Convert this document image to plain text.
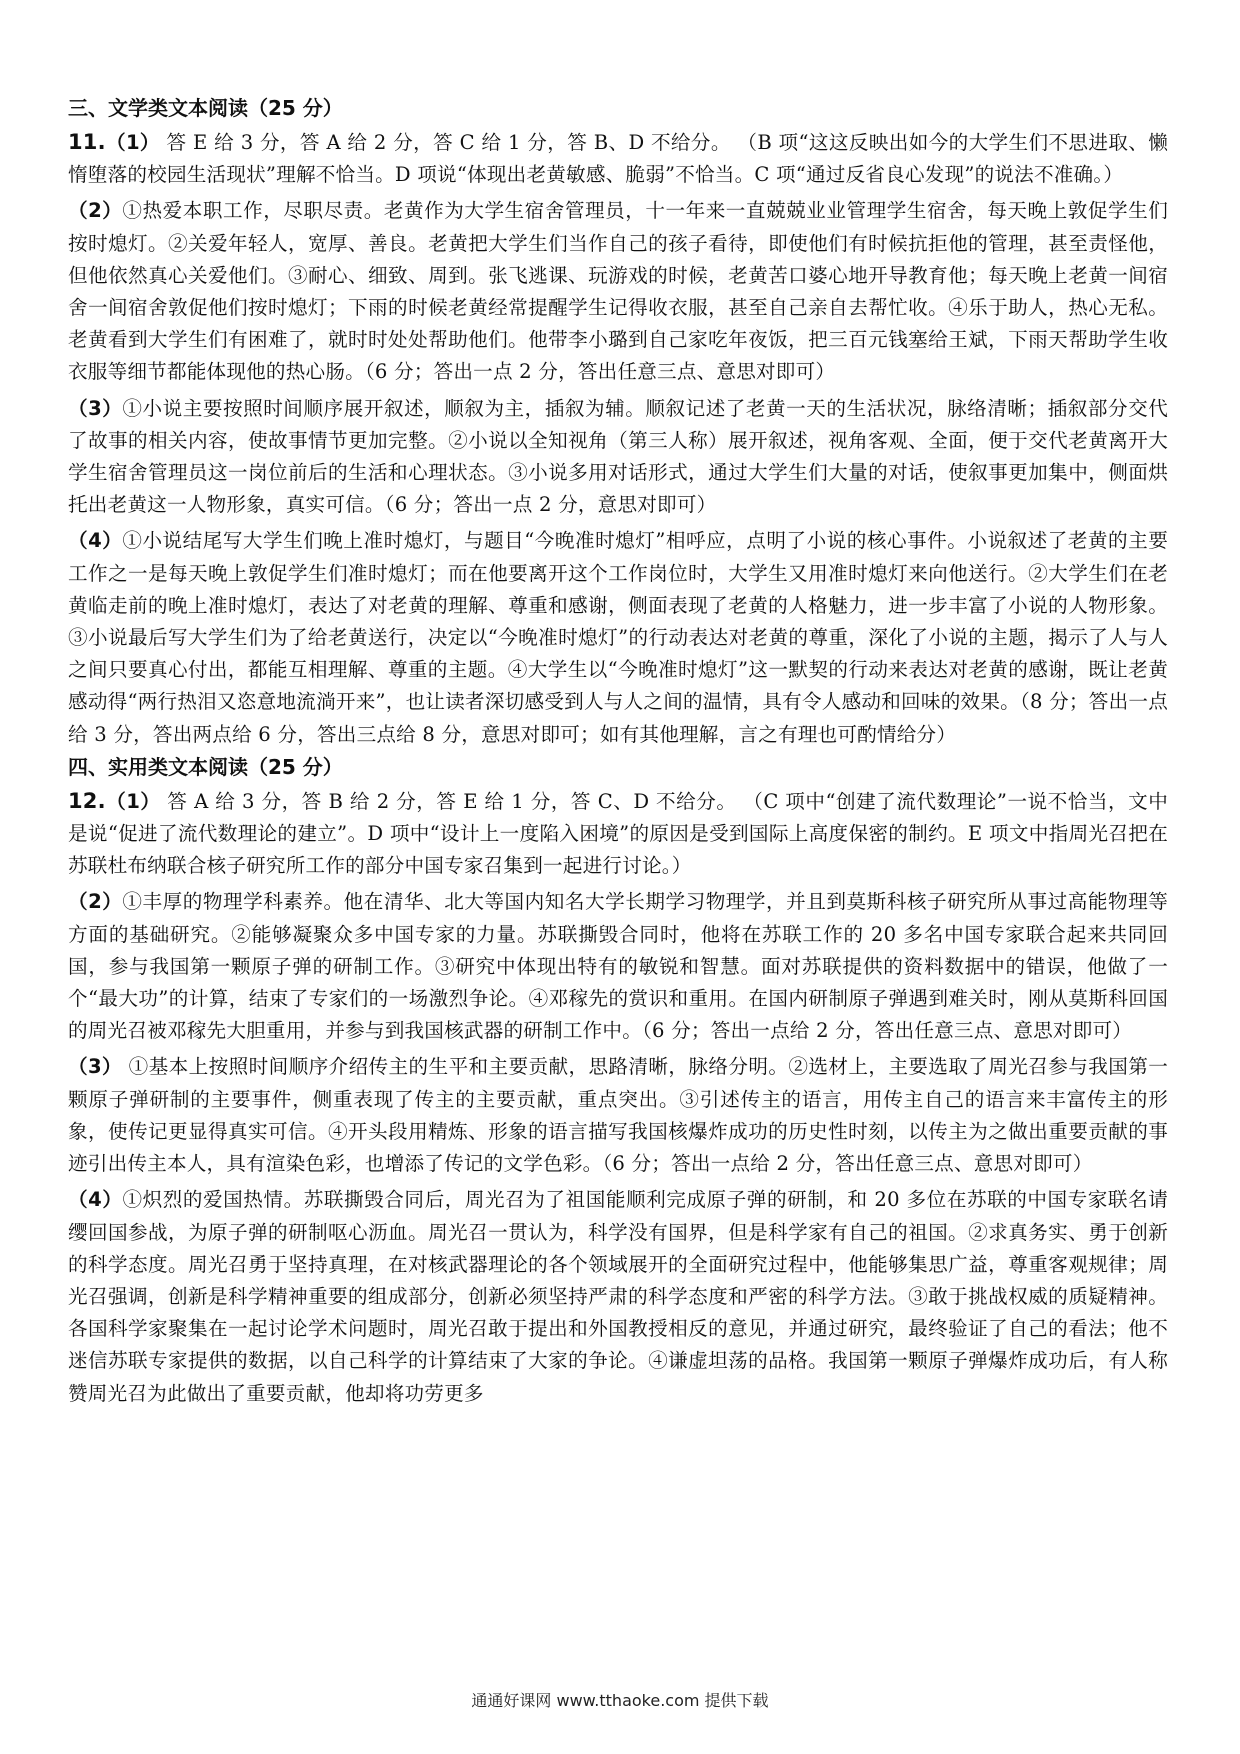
三、文学类文本阅读（25 分）

11.（1） 答 E 给 3 分，答 A 给 2 分，答 C 给 1 分，答 B、D 不给分。 （B 项“这这反映出如今的大学生们不思进取、懒惰堕落的校园生活现状”理解不恰当。D 项说“体现出老黄敏感、脆弱”不恰当。C 项“通过反省良心发现”的说法不准确。）

（2）①热爱本职工作，尽职尽责。老黄作为大学生宿舍管理员，十一年来一直兢兢业业管理学生宿舍，每天晚上敦促学生们按时熄灯。②关爱年轻人，宽厚、善良。老黄把大学生们当作自己的孩子看待，即使他们有时候抗拒他的管理，甚至责怪他，但他依然真心关爱他们。③耐心、细致、周到。张飞逃课、玩游戏的时候，老黄苦口婆心地开导教育他；每天晚上老黄一间宿舍一间宿舍敦促他们按时熄灯；下雨的时候老黄经常提醒学生记得收衣服，甚至自己亲自去帮忙收。④乐于助人，热心无私。老黄看到大学生们有困难了，就时时处处帮助他们。他带李小璐到自己家吃年夜饭，把三百元钱塞给王斌，下雨天帮助学生收衣服等细节都能体现他的热心肠。（6 分；答出一点 2 分，答出任意三点、意思对即可）

（3）①小说主要按照时间顺序展开叙述，顺叙为主，插叙为辅。顺叙记述了老黄一天的生活状况，脉络清晰；插叙部分交代了故事的相关内容，使故事情节更加完整。②小说以全知视角（第三人称）展开叙述，视角客观、全面，便于交代老黄离开大学生宿舍管理员这一岗位前后的生活和心理状态。③小说多用对话形式，通过大学生们大量的对话，使叙事更加集中，侧面烘托出老黄这一人物形象，真实可信。（6 分；答出一点 2 分，意思对即可）

（4）①小说结尾写大学生们晚上准时熄灯，与题目“今晚准时熄灯”相呼应，点明了小说的核心事件。小说叙述了老黄的主要工作之一是每天晚上敦促学生们准时熄灯；而在他要离开这个工作岗位时，大学生又用准时熄灯来向他送行。②大学生们在老黄临走前的晚上准时熄灯，表达了对老黄的理解、尊重和感谢，侧面表现了老黄的人格魅力，进一步丰富了小说的人物形象。③小说最后写大学生们为了给老黄送行，决定以“今晚准时熄灯”的行动表达对老黄的尊重，深化了小说的主题，揭示了人与人之间只要真心付出，都能互相理解、尊重的主题。④大学生以“今晚准时熄灯”这一默契的行动来表达对老黄的感谢，既让老黄感动得“两行热泪又恣意地流淌开来”，也让读者深切感受到人与人之间的温情，具有令人感动和回味的效果。（8 分；答出一点给 3 分，答出两点给 6 分，答出三点给 8 分，意思对即可；如有其他理解，言之有理也可酌情给分）

四、实用类文本阅读（25 分）

12.（1） 答 A 给 3 分，答 B 给 2 分，答 E 给 1 分，答 C、D 不给分。 （C 项中“创建了流代数理论”一说不恰当，文中是说“促进了流代数理论的建立”。D 项中“设计上一度陷入困境”的原因是受到国际上高度保密的制约。E 项文中指周光召把在苏联杜布纳联合核子研究所工作的部分中国专家召集到一起进行讨论。）

（2）①丰厚的物理学科素养。他在清华、北大等国内知名大学长期学习物理学，并且到莫斯科核子研究所从事过高能物理等方面的基础研究。②能够凝聚众多中国专家的力量。苏联撕毁合同时，他将在苏联工作的 20 多名中国专家联合起来共同回国，参与我国第一颗原子弹的研制工作。③研究中体现出特有的敏锐和智慧。面对苏联提供的资料数据中的错误，他做了一个“最大功”的计算，结束了专家们的一场激烈争论。④邓稼先的赏识和重用。在国内研制原子弹遇到难关时，刚从莫斯科回国的周光召被邓稼先大胆重用，并参与到我国核武器的研制工作中。（6 分；答出一点给 2 分，答出任意三点、意思对即可）

（3） ①基本上按照时间顺序介绍传主的生平和主要贡献，思路清晰，脉络分明。②选材上，主要选取了周光召参与我国第一颗原子弹研制的主要事件，侧重表现了传主的主要贡献，重点突出。③引述传主的语言，用传主自己的语言来丰富传主的形象，使传记更显得真实可信。④开头段用精炼、形象的语言描写我国核爆炸成功的历史性时刻，以传主为之做出重要贡献的事迹引出传主本人，具有渲染色彩，也增添了传记的文学色彩。（6 分；答出一点给 2 分，答出任意三点、意思对即可）

（4）①炽烈的爱国热情。苏联撕毁合同后，周光召为了祖国能顺利完成原子弹的研制，和 20 多位在苏联的中国专家联名请缨回国参战，为原子弹的研制呕心沥血。周光召一贯认为，科学没有国界，但是科学家有自己的祖国。②求真务实、勇于创新的科学态度。周光召勇于坚持真理，在对核武器理论的各个领域展开的全面研究过程中，他能够集思广益，尊重客观规律；周光召强调，创新是科学精神重要的组成部分，创新必须坚持严肃的科学态度和严密的科学方法。③敢于挑战权威的质疑精神。各国科学家聚集在一起讨论学术问题时，周光召敢于提出和外国教授相反的意见，并通过研究，最终验证了自己的看法；他不迷信苏联专家提供的数据，以自己科学的计算结束了大家的争论。④谦虚坦荡的品格。我国第一颗原子弹爆炸成功后，有人称赞周光召为此做出了重要贡献，他却将功劳更多

通通好课网 www.tthaoke.com 提供下载
